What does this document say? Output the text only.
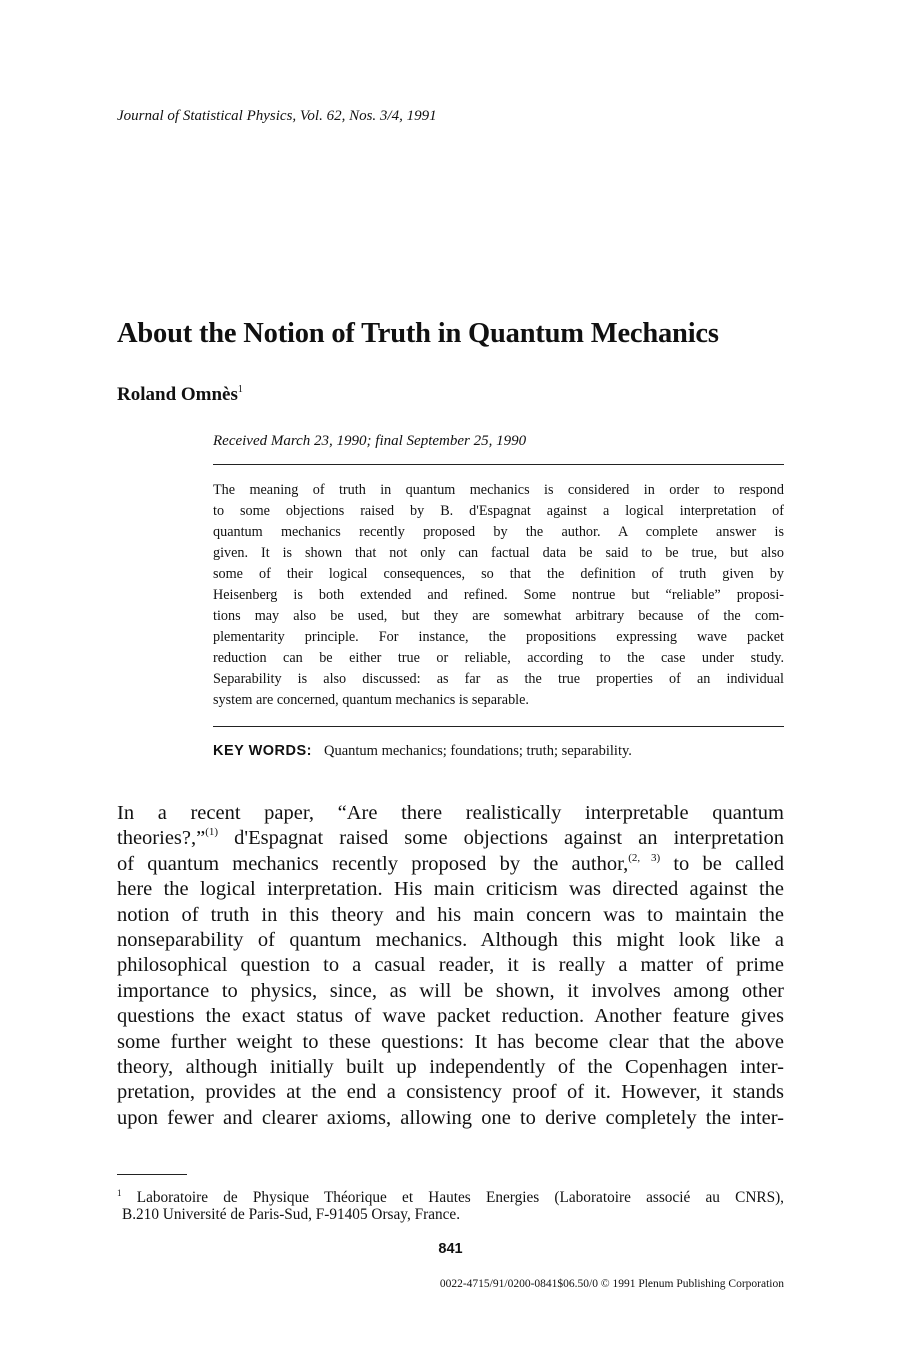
Journal of Statistical Physics, Vol. 62, Nos. 3/4, 1991
About the Notion of Truth in Quantum Mechanics
Roland Omnès$^1$
Received March 23, 1990; final September 25, 1990
The meaning of truth in quantum mechanics is considered in order to respond
to some objections raised by B. d'Espagnat against a logical interpretation of
quantum mechanics recently proposed by the author. A complete answer is
given. It is shown that not only can factual data be said to be true, but also
some of their logical consequences, so that the definition of truth given by
Heisenberg is both extended and refined. Some nontrue but “reliable” proposi-
tions may also be used, but they are somewhat arbitrary because of the com-
plementarity principle. For instance, the propositions expressing wave packet
reduction can be either true or reliable, according to the case under study.
Separability is also discussed: as far as the true properties of an individual
system are concerned, quantum mechanics is separable.
KEY WORDS: Quantum mechanics; foundations; truth; separability.
In a recent paper, “Are there realistically interpretable quantum
theories?,”$^{(1)}$ d'Espagnat raised some objections against an interpretation
of quantum mechanics recently proposed by the author,$^{(2, 3)}$ to be called
here the logical interpretation. His main criticism was directed against the
notion of truth in this theory and his main concern was to maintain the
nonseparability of quantum mechanics. Although this might look like a
philosophical question to a casual reader, it is really a matter of prime
importance to physics, since, as will be shown, it involves among other
questions the exact status of wave packet reduction. Another feature gives
some further weight to these questions: It has become clear that the above
theory, although initially built up independently of the Copenhagen inter-
pretation, provides at the end a consistency proof of it. However, it stands
upon fewer and clearer axioms, allowing one to derive completely the inter-
$^1$ Laboratoire de Physique Théorique et Hautes Energies (Laboratoire associé au CNRS),
B.210 Université de Paris-Sud, F-91405 Orsay, France.
841
0022-4715/91/0200-0841$06.50/0 © 1991 Plenum Publishing Corporation
